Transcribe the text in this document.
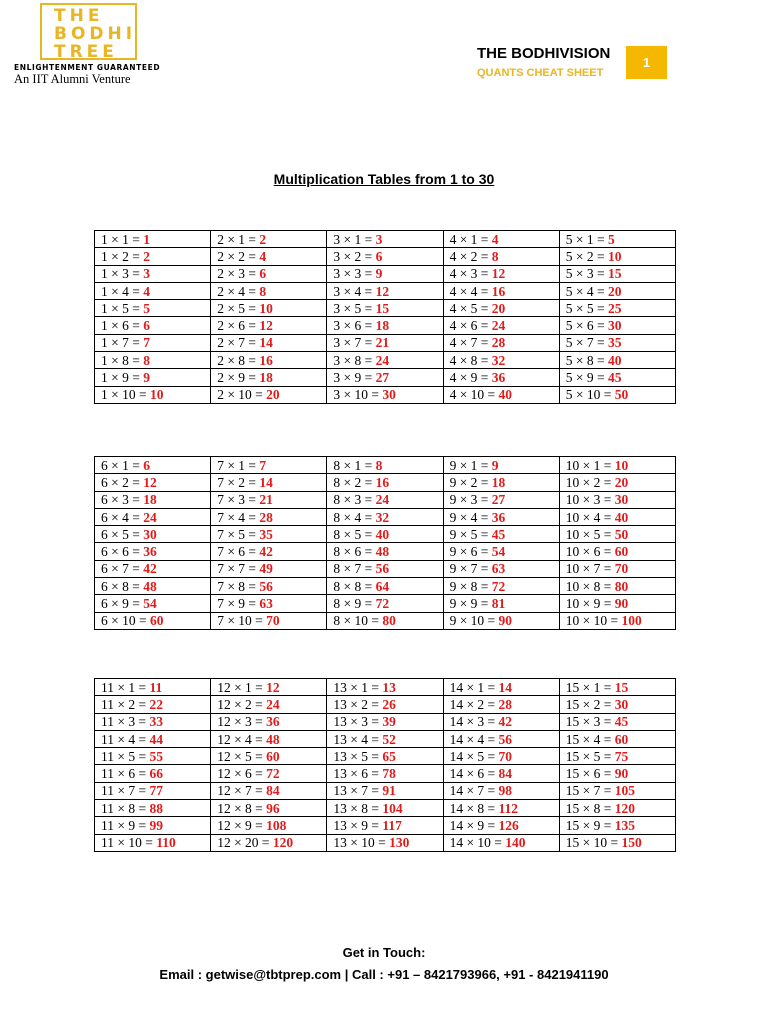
THE
BODHI
TREE
ENLIGHTENMENT GUARANTEED
An IIT Alumni Venture
THE BODHIVISION
QUANTS CHEAT SHEET
1
Multiplication Tables from 1 to 30
1 × 1 = 1	2 × 1 = 2	3 × 1 = 3	4 × 1 = 4	5 × 1 = 5
1 × 2 = 2	2 × 2 = 4	3 × 2 = 6	4 × 2 = 8	5 × 2 = 10
1 × 3 = 3	2 × 3 = 6	3 × 3 = 9	4 × 3 = 12	5 × 3 = 15
1 × 4 = 4	2 × 4 = 8	3 × 4 = 12	4 × 4 = 16	5 × 4 = 20
1 × 5 = 5	2 × 5 = 10	3 × 5 = 15	4 × 5 = 20	5 × 5 = 25
1 × 6 = 6	2 × 6 = 12	3 × 6 = 18	4 × 6 = 24	5 × 6 = 30
1 × 7 = 7	2 × 7 = 14	3 × 7 = 21	4 × 7 = 28	5 × 7 = 35
1 × 8 = 8	2 × 8 = 16	3 × 8 = 24	4 × 8 = 32	5 × 8 = 40
1 × 9 = 9	2 × 9 = 18	3 × 9 = 27	4 × 9 = 36	5 × 9 = 45
1 × 10 = 10	2 × 10 = 20	3 × 10 = 30	4 × 10 = 40	5 × 10 = 50
6 × 1 = 6	7 × 1 = 7	8 × 1 = 8	9 × 1 = 9	10 × 1 = 10
6 × 2 = 12	7 × 2 = 14	8 × 2 = 16	9 × 2 = 18	10 × 2 = 20
6 × 3 = 18	7 × 3 = 21	8 × 3 = 24	9 × 3 = 27	10 × 3 = 30
6 × 4 = 24	7 × 4 = 28	8 × 4 = 32	9 × 4 = 36	10 × 4 = 40
6 × 5 = 30	7 × 5 = 35	8 × 5 = 40	9 × 5 = 45	10 × 5 = 50
6 × 6 = 36	7 × 6 = 42	8 × 6 = 48	9 × 6 = 54	10 × 6 = 60
6 × 7 = 42	7 × 7 = 49	8 × 7 = 56	9 × 7 = 63	10 × 7 = 70
6 × 8 = 48	7 × 8 = 56	8 × 8 = 64	9 × 8 = 72	10 × 8 = 80
6 × 9 = 54	7 × 9 = 63	8 × 9 = 72	9 × 9 = 81	10 × 9 = 90
6 × 10 = 60	7 × 10 = 70	8 × 10 = 80	9 × 10 = 90	10 × 10 = 100
11 × 1 = 11	12 × 1 = 12	13 × 1 = 13	14 × 1 = 14	15 × 1 = 15
11 × 2 = 22	12 × 2 = 24	13 × 2 = 26	14 × 2 = 28	15 × 2 = 30
11 × 3 = 33	12 × 3 = 36	13 × 3 = 39	14 × 3 = 42	15 × 3 = 45
11 × 4 = 44	12 × 4 = 48	13 × 4 = 52	14 × 4 = 56	15 × 4 = 60
11 × 5 = 55	12 × 5 = 60	13 × 5 = 65	14 × 5 = 70	15 × 5 = 75
11 × 6 = 66	12 × 6 = 72	13 × 6 = 78	14 × 6 = 84	15 × 6 = 90
11 × 7 = 77	12 × 7 = 84	13 × 7 = 91	14 × 7 = 98	15 × 7 = 105
11 × 8 = 88	12 × 8 = 96	13 × 8 = 104	14 × 8 = 112	15 × 8 = 120
11 × 9 = 99	12 × 9 = 108	13 × 9 = 117	14 × 9 = 126	15 × 9 = 135
11 × 10 = 110	12 × 20 = 120	13 × 10 = 130	14 × 10 = 140	15 × 10 = 150
Get in Touch:
Email : getwise@tbtprep.com | Call : +91 – 8421793966, +91 - 8421941190
